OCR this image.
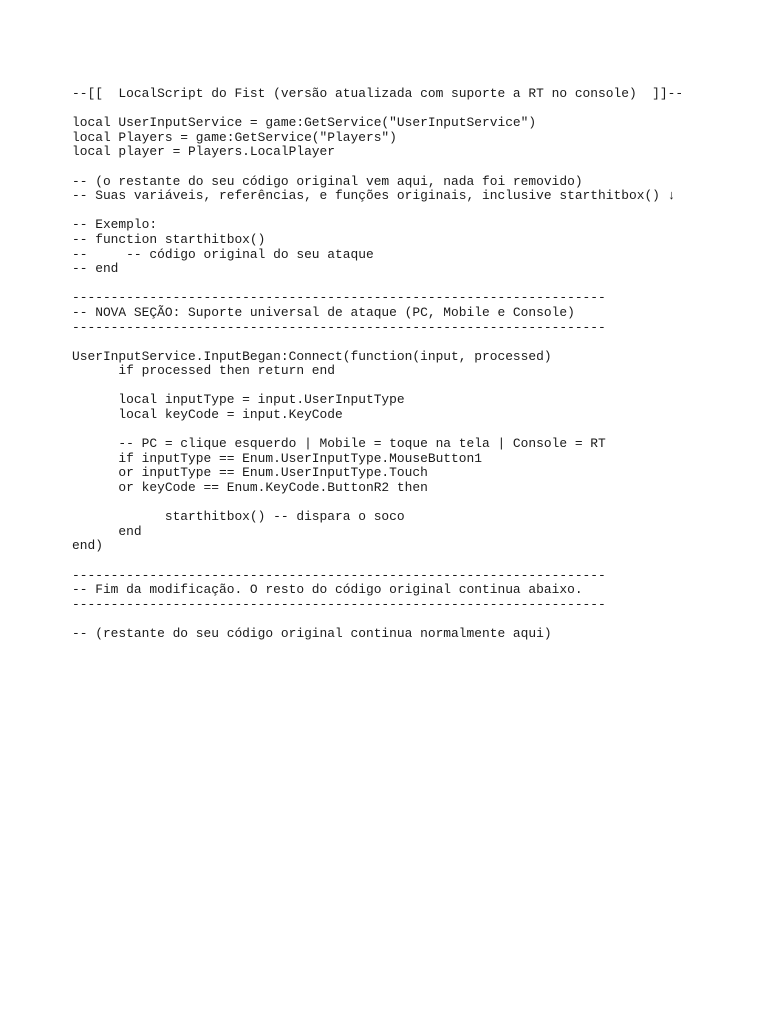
--[[  LocalScript do Fist (versão atualizada com suporte a RT no console)  ]]--
local UserInputService = game:GetService("UserInputService")
local Players = game:GetService("Players")
local player = Players.LocalPlayer
-- (o restante do seu código original vem aqui, nada foi removido)
-- Suas variáveis, referências, e funções originais, inclusive starthitbox() ↓
-- Exemplo:
-- function starthitbox()
--     -- código original do seu ataque
-- end
---------------------------------------------------------------------
-- NOVA SEÇÃO: Suporte universal de ataque (PC, Mobile e Console)
---------------------------------------------------------------------
UserInputService.InputBegan:Connect(function(input, processed)
if processed then return end
local inputType = input.UserInputType
local keyCode = input.KeyCode
-- PC = clique esquerdo | Mobile = toque na tela | Console = RT
if inputType == Enum.UserInputType.MouseButton1
or inputType == Enum.UserInputType.Touch
or keyCode == Enum.KeyCode.ButtonR2 then
starthitbox() -- dispara o soco
end
end)
---------------------------------------------------------------------
-- Fim da modificação. O resto do código original continua abaixo.
---------------------------------------------------------------------
-- (restante do seu código original continua normalmente aqui)
